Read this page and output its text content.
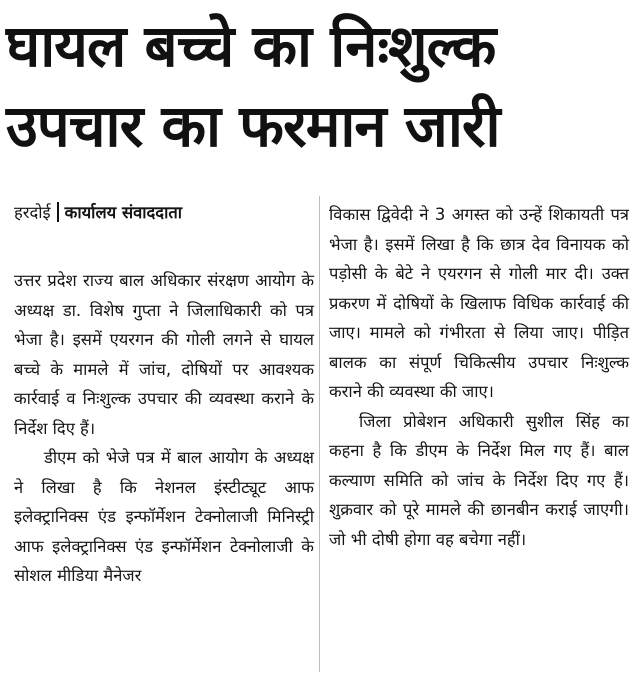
घायल बच्चे का निःशुल्क
उपचार का फरमान जारी
हरदोई कार्यालय संवाददाता

उत्तर प्रदेश राज्य बाल अधिकार संरक्षण आयोग के अध्यक्ष डा. विशेष गुप्ता ने जिलाधिकारी को पत्र भेजा है। इसमें एयरगन की गोली लगने से घायल बच्चे के मामले में जांच, दोषियों पर आवश्यक कार्रवाई व निःशुल्क उपचार की व्यवस्था कराने के निर्देश दिए हैं।

डीएम को भेजे पत्र में बाल आयोग के अध्यक्ष ने लिखा है कि नेशनल इंस्टीट्यूट आफ इलेक्ट्रानिक्स एंड इन्फॉर्मेशन टेक्नोलाजी मिनिस्ट्री आफ इलेक्ट्रानिक्स एंड इन्फॉर्मेशन टेक्नोलाजी के सोशल मीडिया मैनेजर

विकास द्विवेदी ने 3 अगस्त को उन्हें शिकायती पत्र भेजा है। इसमें लिखा है कि छात्र देव विनायक को पड़ोसी के बेटे ने एयरगन से गोली मार दी। उक्त प्रकरण में दोषियों के खिलाफ विधिक कार्रवाई की जाए। मामले को गंभीरता से लिया जाए। पीड़ित बालक का संपूर्ण चिकित्सीय उपचार निःशुल्क कराने की व्यवस्था की जाए।

जिला प्रोबेशन अधिकारी सुशील सिंह का कहना है कि डीएम के निर्देश मिल गए हैं। बाल कल्याण समिति को जांच के निर्देश दिए गए हैं। शुक्रवार को पूरे मामले की छानबीन कराई जाएगी। जो भी दोषी होगा वह बचेगा नहीं।
